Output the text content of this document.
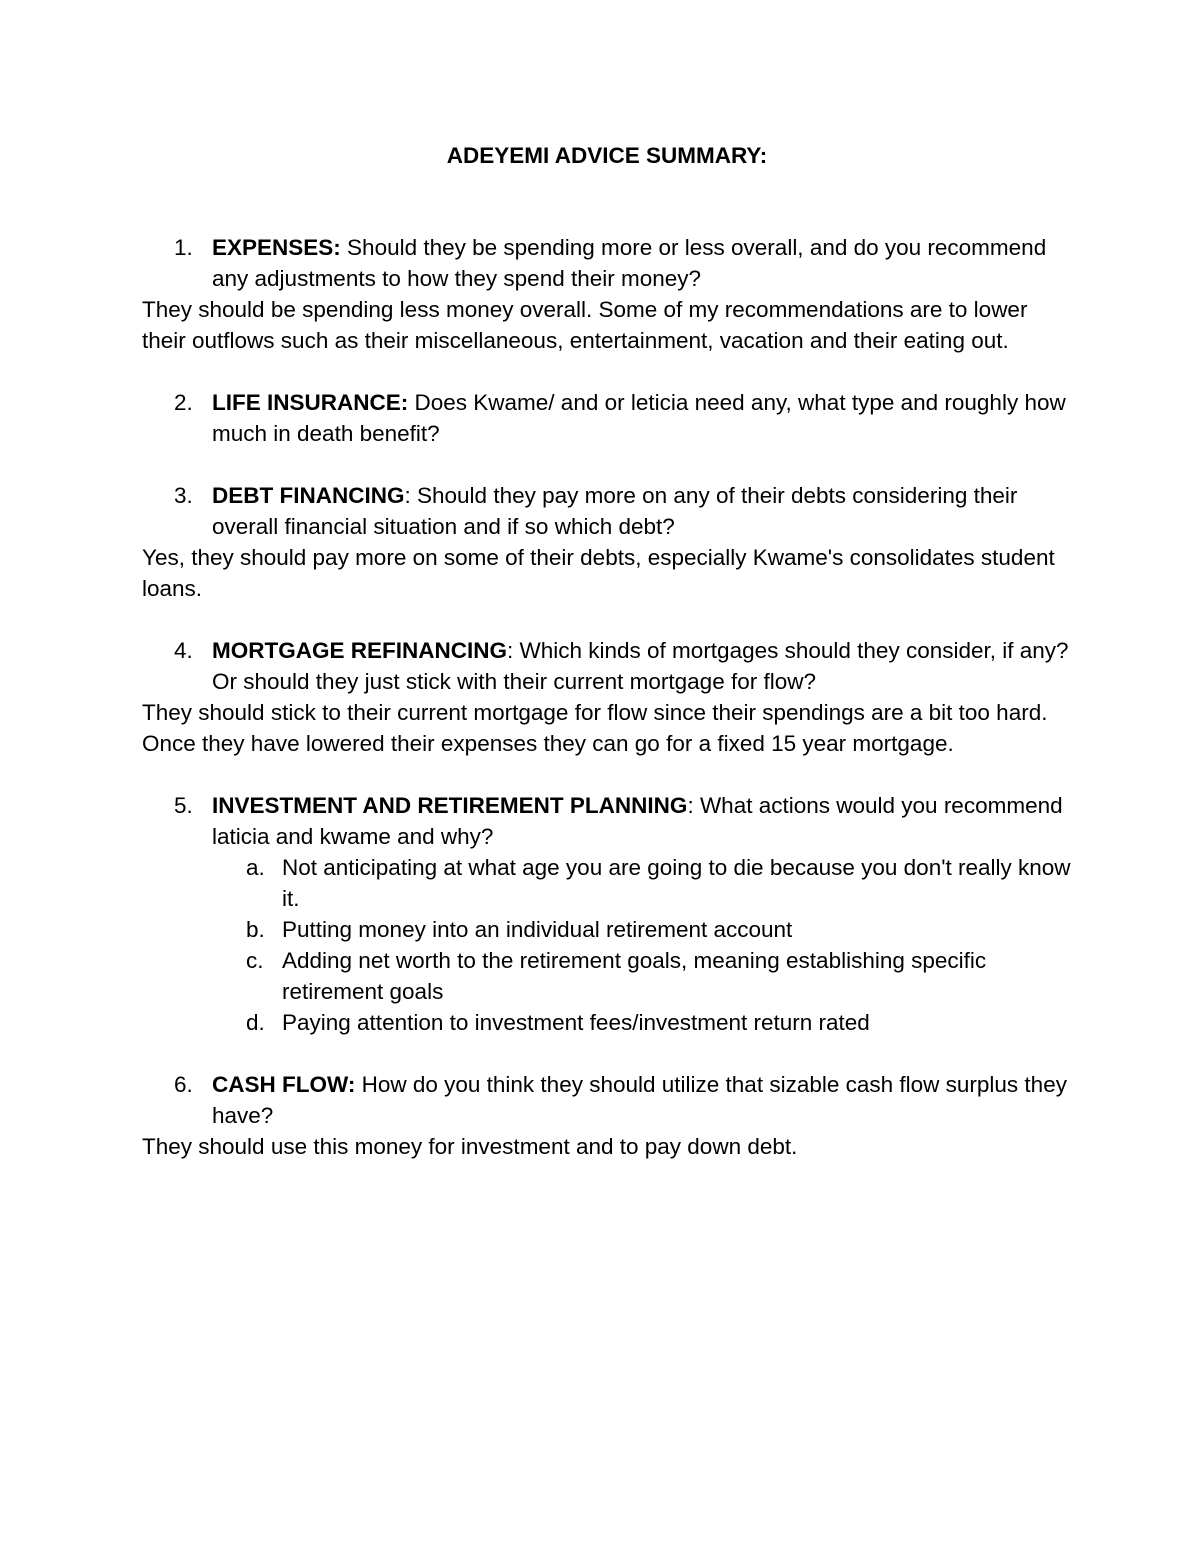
ADEYEMI ADVICE SUMMARY:

1. EXPENSES: Should they be spending more or less overall, and do you recommend any adjustments to how they spend their money?

They should be spending less money overall. Some of my recommendations are to lower their outflows such as their miscellaneous, entertainment, vacation and their eating out.

2. LIFE INSURANCE: Does Kwame/ and or leticia need any, what type and roughly how much in death benefit?

3. DEBT FINANCING: Should they pay more on any of their debts considering their overall financial situation and if so which debt?

Yes, they should pay more on some of their debts, especially Kwame's consolidates student loans.

4. MORTGAGE REFINANCING: Which kinds of mortgages should they consider, if any? Or should they just stick with their current mortgage for flow?

They should stick to their current mortgage for flow since their spendings are a bit too hard. Once they have lowered their expenses they can go for a fixed 15 year mortgage.

5. INVESTMENT AND RETIREMENT PLANNING: What actions would you recommend laticia and kwame and why?

a. Not anticipating at what age you are going to die because you don't really know it.

b. Putting money into an individual retirement account

c. Adding net worth to the retirement goals, meaning establishing specific retirement goals

d. Paying attention to investment fees/investment return rated

6. CASH FLOW: How do you think they should utilize that sizable cash flow surplus they have?

They should use this money for investment and to pay down debt.
